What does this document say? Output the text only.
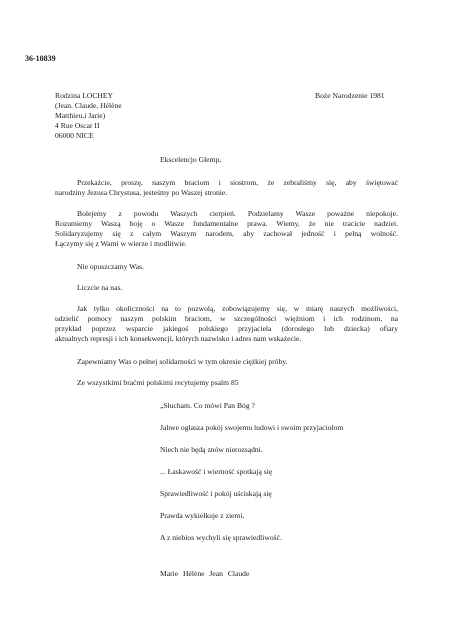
36-10839
Rodzina LOCHEY
(Jean. Claude, Hélène
Matthieu,i Jarie)
4 Rue Oscar II
06000 NICE
Boże Narodzenie 1981
Ekscelencjo Glemp,
Przekażcie, proszę, naszym braciom i siostrom, że zebraliśmy się, aby świętować
narodziny Jezusa Chrystusa, jesteśmy po Waszej stronie.
Bolejemy z powodu Waszych cierpień. Podzielamy Wasze poważne niepokoje.
Rozumiemy Waszą boję o Wasze fundamentalne prawa. Wiemy, że nie tracicie nadziei.
Solidaryzujemy się z całym Waszym narodem, aby zachował jedność i pełną wolność.
Łączymy się z Wami w wierze i modlitwie.
Nie opuszczamy Was.
Liczcie na nas.
Jak tylko okoliczności na to pozwolą, zobowiązujemy się, w miarę naszych możliwości,
udzielić pomocy naszym polskim braciom, w szczególności więźniom i ich rodzinom, na
przykład poprzez wsparcie jakiegoś polskiego przyjaciela (dorosłego lub dziecka) ofiary
aktualnych represji i ich konsekwencji, których nazwisko i adres nam wskażecie.
Zapewniamy Was o pełnej solidarności w tym okresie ciężkiej próby.
Ze wszystkimi braćmi polskimi recytujemy psalm 85
„Słucham. Co mówi Pan Bóg ?
Jahwe ogłasza pokój swojemu ludowi i swoim przyjaciołom
Niech nie będą znów nierozsądni.
... Łaskawość i wierność spotkają się
Sprawiedliwość i pokój uściskają się
Prawda wykiełkuje z ziemi,
A z niebios wychyli się sprawiedliwość.
Marie Hélène Jean Claude
